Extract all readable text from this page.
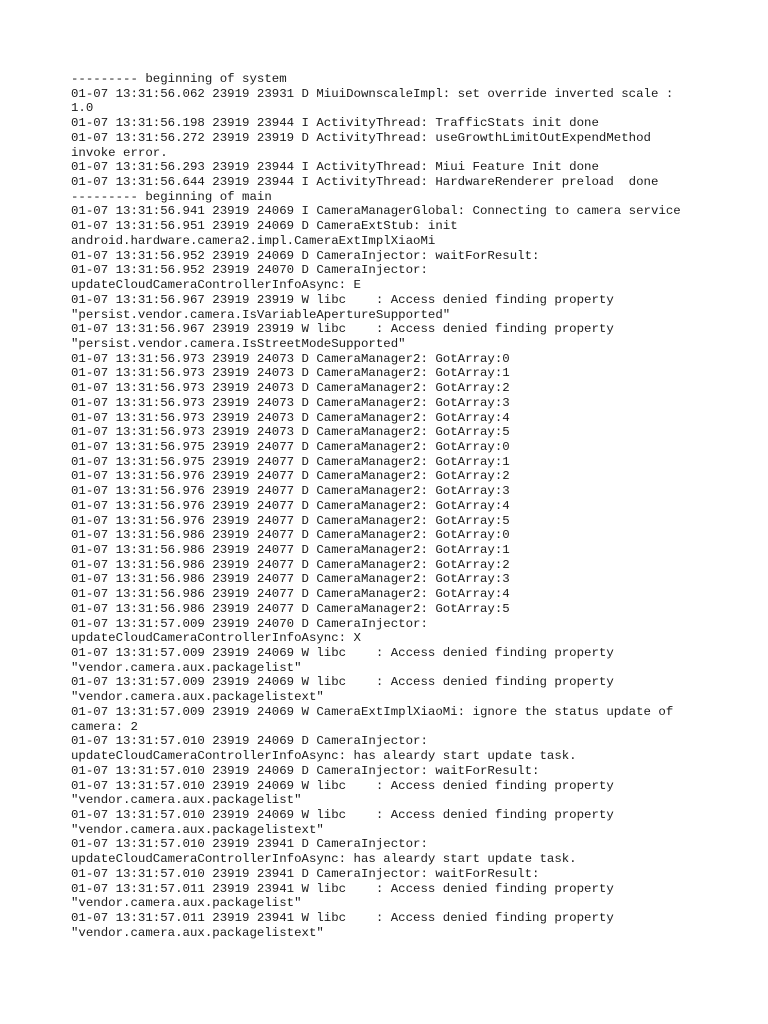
--------- beginning of system
01-07 13:31:56.062 23919 23931 D MiuiDownscaleImpl: set override inverted scale :
1.0
01-07 13:31:56.198 23919 23944 I ActivityThread: TrafficStats init done
01-07 13:31:56.272 23919 23919 D ActivityThread: useGrowthLimitOutExpendMethod
invoke error.
01-07 13:31:56.293 23919 23944 I ActivityThread: Miui Feature Init done
01-07 13:31:56.644 23919 23944 I ActivityThread: HardwareRenderer preload  done
--------- beginning of main
01-07 13:31:56.941 23919 24069 I CameraManagerGlobal: Connecting to camera service
01-07 13:31:56.951 23919 24069 D CameraExtStub: init
android.hardware.camera2.impl.CameraExtImplXiaoMi
01-07 13:31:56.952 23919 24069 D CameraInjector: waitForResult:
01-07 13:31:56.952 23919 24070 D CameraInjector:
updateCloudCameraControllerInfoAsync: E
01-07 13:31:56.967 23919 23919 W libc    : Access denied finding property
"persist.vendor.camera.IsVariableApertureSupported"
01-07 13:31:56.967 23919 23919 W libc    : Access denied finding property
"persist.vendor.camera.IsStreetModeSupported"
01-07 13:31:56.973 23919 24073 D CameraManager2: GotArray:0
01-07 13:31:56.973 23919 24073 D CameraManager2: GotArray:1
01-07 13:31:56.973 23919 24073 D CameraManager2: GotArray:2
01-07 13:31:56.973 23919 24073 D CameraManager2: GotArray:3
01-07 13:31:56.973 23919 24073 D CameraManager2: GotArray:4
01-07 13:31:56.973 23919 24073 D CameraManager2: GotArray:5
01-07 13:31:56.975 23919 24077 D CameraManager2: GotArray:0
01-07 13:31:56.975 23919 24077 D CameraManager2: GotArray:1
01-07 13:31:56.976 23919 24077 D CameraManager2: GotArray:2
01-07 13:31:56.976 23919 24077 D CameraManager2: GotArray:3
01-07 13:31:56.976 23919 24077 D CameraManager2: GotArray:4
01-07 13:31:56.976 23919 24077 D CameraManager2: GotArray:5
01-07 13:31:56.986 23919 24077 D CameraManager2: GotArray:0
01-07 13:31:56.986 23919 24077 D CameraManager2: GotArray:1
01-07 13:31:56.986 23919 24077 D CameraManager2: GotArray:2
01-07 13:31:56.986 23919 24077 D CameraManager2: GotArray:3
01-07 13:31:56.986 23919 24077 D CameraManager2: GotArray:4
01-07 13:31:56.986 23919 24077 D CameraManager2: GotArray:5
01-07 13:31:57.009 23919 24070 D CameraInjector:
updateCloudCameraControllerInfoAsync: X
01-07 13:31:57.009 23919 24069 W libc    : Access denied finding property
"vendor.camera.aux.packagelist"
01-07 13:31:57.009 23919 24069 W libc    : Access denied finding property
"vendor.camera.aux.packagelistext"
01-07 13:31:57.009 23919 24069 W CameraExtImplXiaoMi: ignore the status update of
camera: 2
01-07 13:31:57.010 23919 24069 D CameraInjector:
updateCloudCameraControllerInfoAsync: has aleardy start update task.
01-07 13:31:57.010 23919 24069 D CameraInjector: waitForResult:
01-07 13:31:57.010 23919 24069 W libc    : Access denied finding property
"vendor.camera.aux.packagelist"
01-07 13:31:57.010 23919 24069 W libc    : Access denied finding property
"vendor.camera.aux.packagelistext"
01-07 13:31:57.010 23919 23941 D CameraInjector:
updateCloudCameraControllerInfoAsync: has aleardy start update task.
01-07 13:31:57.010 23919 23941 D CameraInjector: waitForResult:
01-07 13:31:57.011 23919 23941 W libc    : Access denied finding property
"vendor.camera.aux.packagelist"
01-07 13:31:57.011 23919 23941 W libc    : Access denied finding property
"vendor.camera.aux.packagelistext"
